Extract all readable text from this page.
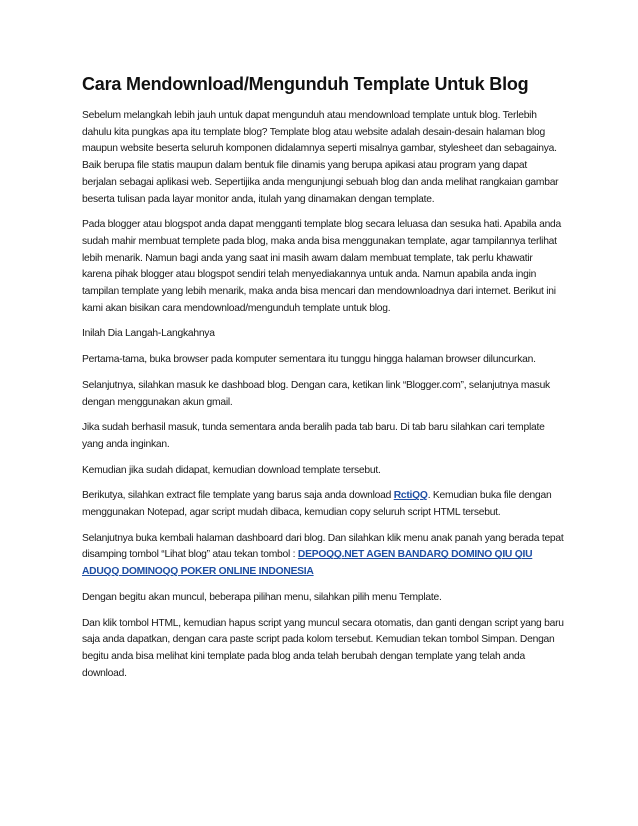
Cara Mendownload/Mengunduh Template Untuk Blog

Sebelum melangkah lebih jauh untuk dapat mengunduh atau mendownload template untuk blog. Terlebih dahulu kita pungkas apa itu template blog? Template blog atau website adalah desain-desain halaman blog maupun website beserta seluruh komponen didalamnya seperti misalnya gambar, stylesheet dan sebagainya. Baik berupa file statis maupun dalam bentuk file dinamis yang berupa apikasi atau program yang dapat berjalan sebagai aplikasi web. Sepertijika anda mengunjungi sebuah blog dan anda melihat rangkaian gambar beserta tulisan pada layar monitor anda, itulah yang dinamakan dengan template.

Pada blogger atau blogspot anda dapat mengganti template blog secara leluasa dan sesuka hati. Apabila anda sudah mahir membuat templete pada blog, maka anda bisa menggunakan template, agar tampilannya terlihat lebih menarik. Namun bagi anda yang saat ini masih awam dalam membuat template, tak perlu khawatir karena pihak blogger atau blogspot sendiri telah menyediakannya untuk anda. Namun apabila anda ingin tampilan template yang lebih menarik, maka anda bisa mencari dan mendownloadnya dari internet. Berikut ini kami akan bisikan cara mendownload/mengunduh template untuk blog.

Inilah Dia Langah-Langkahnya

Pertama-tama, buka browser pada komputer sementara itu tunggu hingga halaman browser diluncurkan.

Selanjutnya, silahkan masuk ke dashboad blog. Dengan cara, ketikan link “Blogger.com”, selanjutnya masuk dengan menggunakan akun gmail.

Jika sudah berhasil masuk, tunda sementara anda beralih pada tab baru. Di tab baru silahkan cari template yang anda inginkan.

Kemudian jika sudah didapat, kemudian download template tersebut.

Berikutya, silahkan extract file template yang barus saja anda download RctiQQ. Kemudian buka file dengan menggunakan Notepad, agar script mudah dibaca, kemudian copy seluruh script HTML tersebut.

Selanjutnya buka kembali halaman dashboard dari blog. Dan silahkan klik menu anak panah yang berada tepat disamping tombol “Lihat blog” atau tekan tombol : DEPOQQ.NET AGEN BANDARQ DOMINO QIU QIU ADUQQ DOMINOQQ POKER ONLINE INDONESIA

Dengan begitu akan muncul, beberapa pilihan menu, silahkan pilih menu Template.

Dan klik tombol HTML, kemudian hapus script yang muncul secara otomatis, dan ganti dengan script yang baru saja anda dapatkan, dengan cara paste script pada kolom tersebut. Kemudian tekan tombol Simpan. Dengan begitu anda bisa melihat kini template pada blog anda telah berubah dengan template yang telah anda download.
